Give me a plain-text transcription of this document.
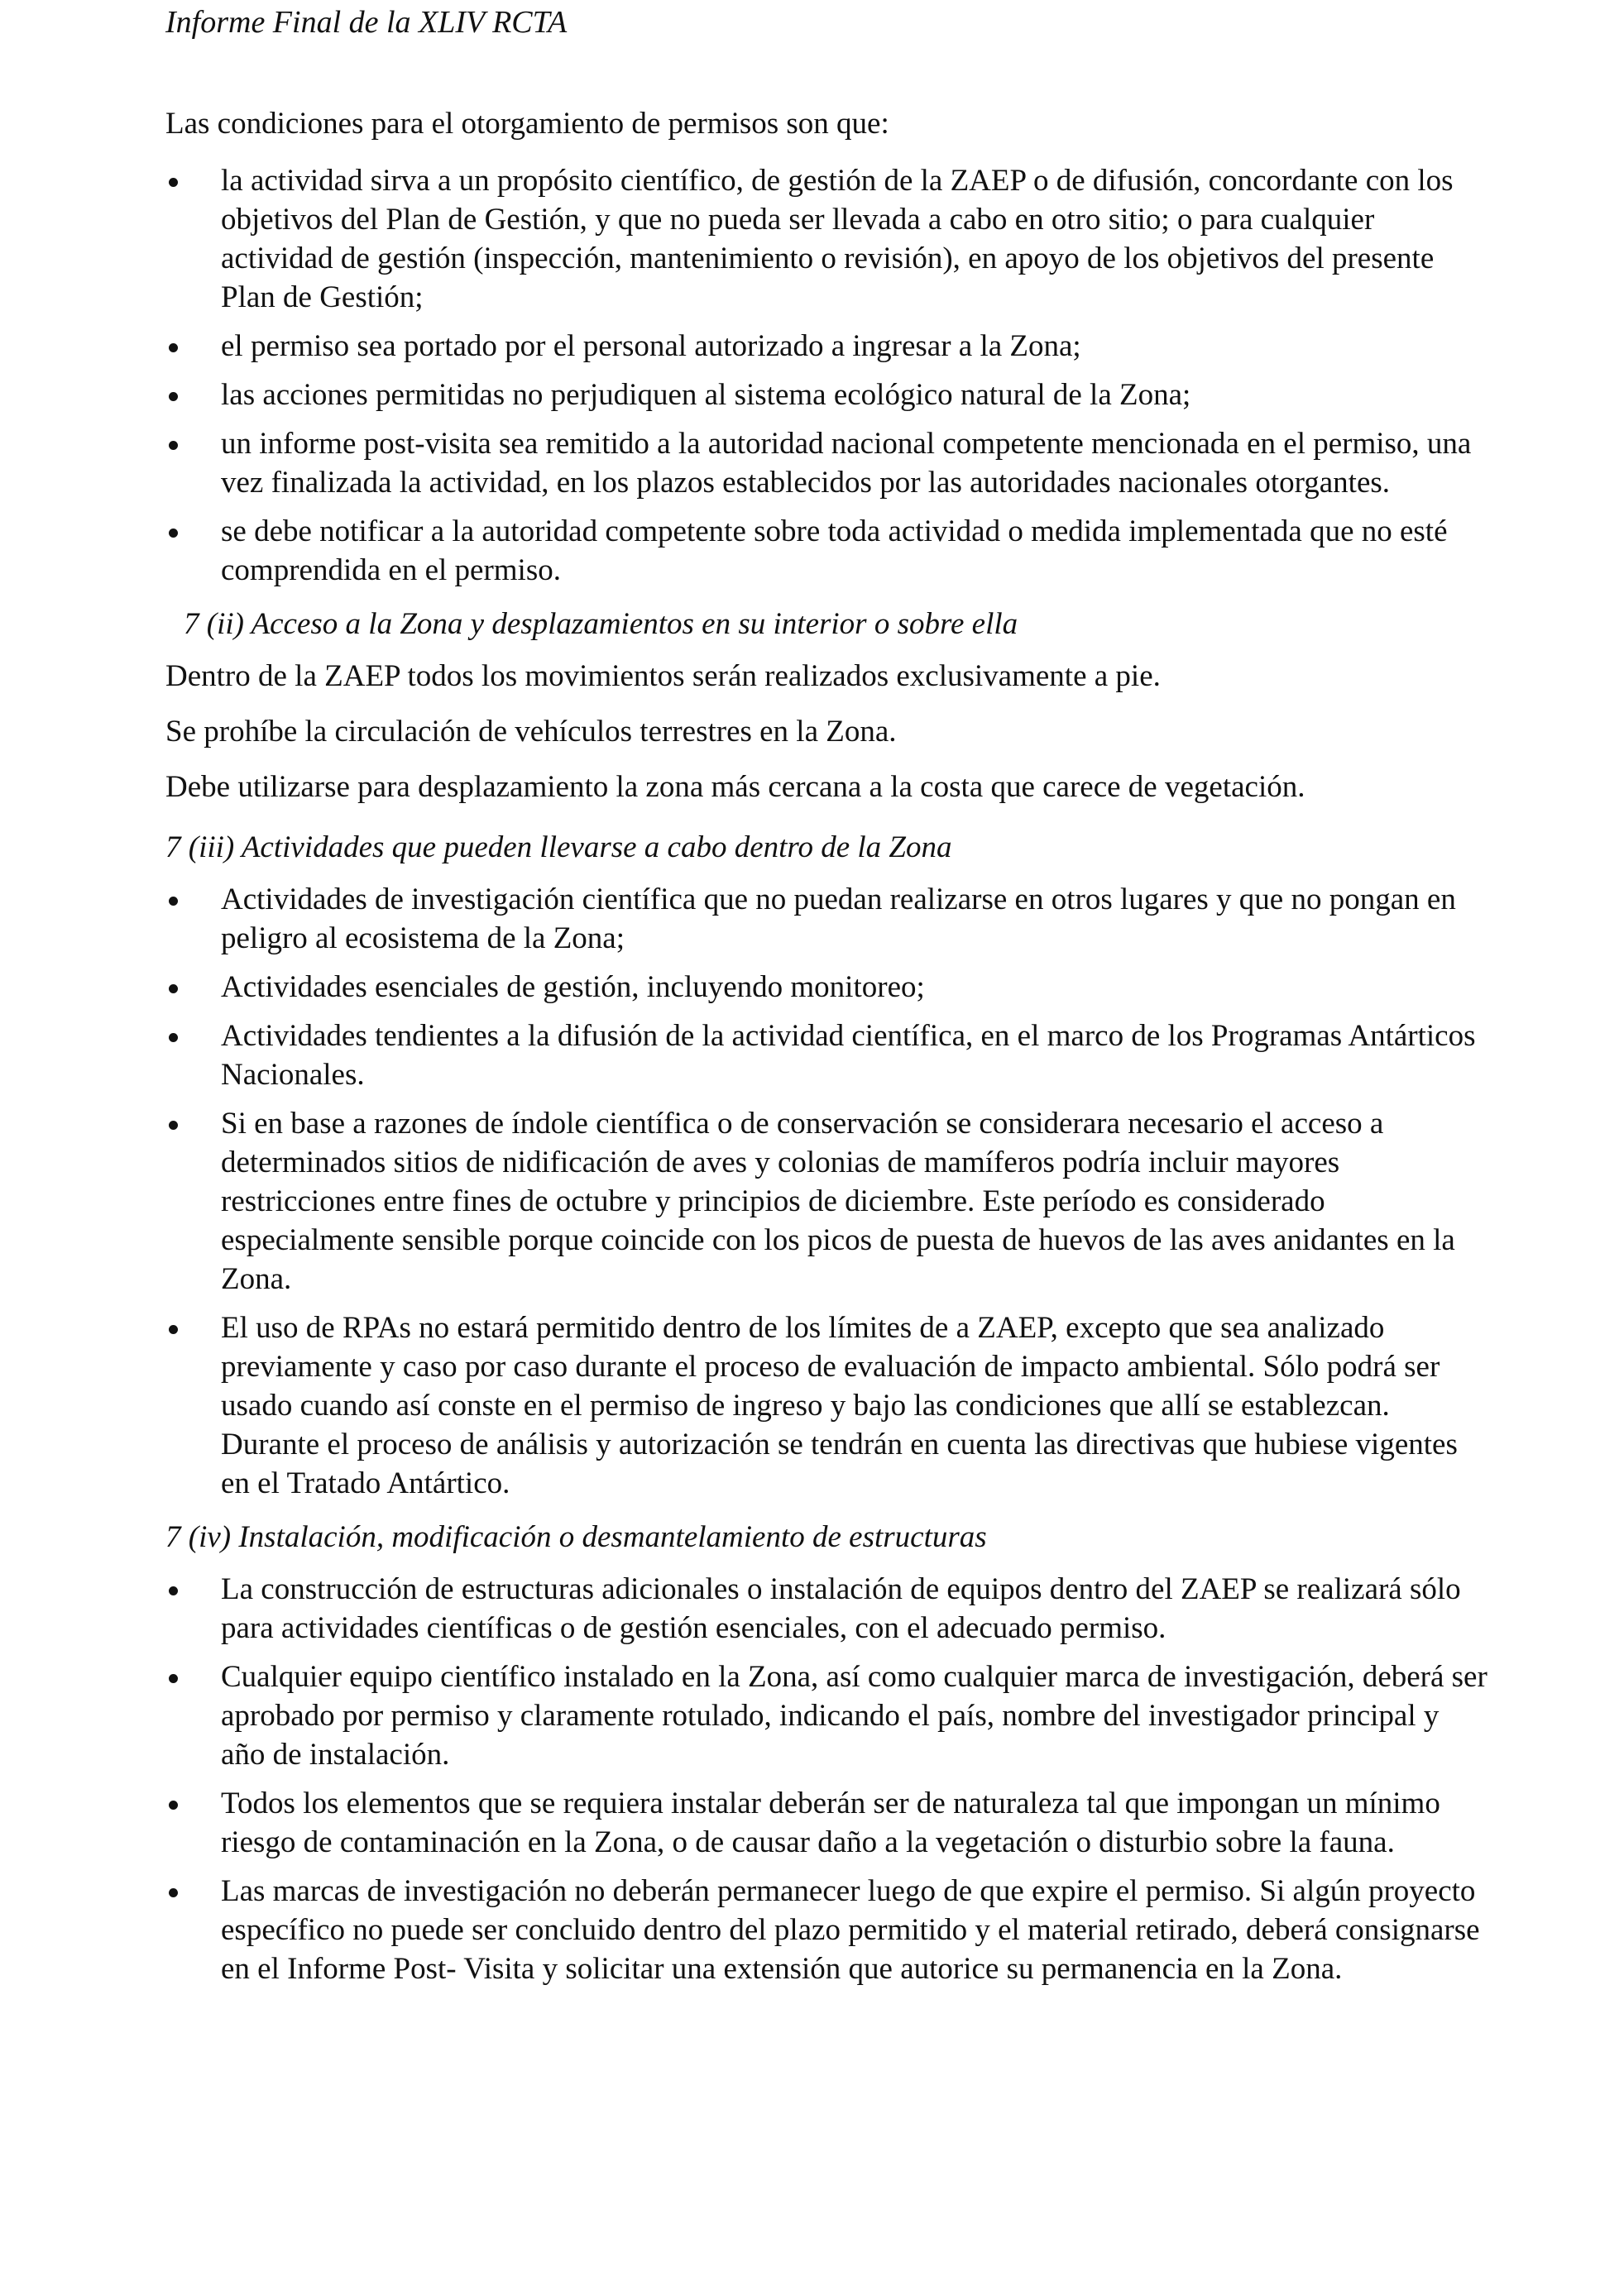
Informe Final de la XLIV RCTA

Las condiciones para el otorgamiento de permisos son que:

la actividad sirva a un propósito científico, de gestión de la ZAEP o de difusión, concordante con los objetivos del Plan de Gestión, y que no pueda ser llevada a cabo en otro sitio; o para cualquier actividad de gestión (inspección, mantenimiento o revisión), en apoyo de los objetivos del presente Plan de Gestión;
el permiso sea portado por el personal autorizado a ingresar a la Zona;
las acciones permitidas no perjudiquen al sistema ecológico natural de la Zona;
un informe post-visita sea remitido a la autoridad nacional competente mencionada en el permiso, una vez finalizada la actividad, en los plazos establecidos por las autoridades nacionales otorgantes.
se debe notificar a la autoridad competente sobre toda actividad o medida implementada que no esté comprendida en el permiso.

7 (ii) Acceso a la Zona y desplazamientos en su interior o sobre ella

Dentro de la ZAEP todos los movimientos serán realizados exclusivamente a pie.

Se prohíbe la circulación de vehículos terrestres en la Zona.

Debe utilizarse para desplazamiento la zona más cercana a la costa que carece de vegetación.

7 (iii) Actividades que pueden llevarse a cabo dentro de la Zona

Actividades de investigación científica que no puedan realizarse en otros lugares y que no pongan en peligro al ecosistema de la Zona;
Actividades esenciales de gestión, incluyendo monitoreo;
Actividades tendientes a la difusión de la actividad científica, en el marco de los Programas Antárticos Nacionales.
Si en base a razones de índole científica o de conservación se considerara necesario el acceso a determinados sitios de nidificación de aves y colonias de mamíferos podría incluir mayores restricciones entre fines de octubre y principios de diciembre. Este período es considerado especialmente sensible porque coincide con los picos de puesta de huevos de las aves anidantes en la Zona.
El uso de RPAs no estará permitido dentro de los límites de a ZAEP, excepto que sea analizado previamente y caso por caso durante el proceso de evaluación de impacto ambiental. Sólo podrá ser usado cuando así conste en el permiso de ingreso y bajo las condiciones que allí se establezcan. Durante el proceso de análisis y autorización se tendrán en cuenta las directivas que hubiese vigentes en el Tratado Antártico.

7 (iv) Instalación, modificación o desmantelamiento de estructuras

La construcción de estructuras adicionales o instalación de equipos dentro del ZAEP se realizará sólo para actividades científicas o de gestión esenciales, con el adecuado permiso.
Cualquier equipo científico instalado en la Zona, así como cualquier marca de investigación, deberá ser aprobado por permiso y claramente rotulado, indicando el país, nombre del investigador principal y año de instalación.
Todos los elementos que se requiera instalar deberán ser de naturaleza tal que impongan un mínimo riesgo de contaminación en la Zona, o de causar daño a la vegetación o disturbio sobre la fauna.
Las marcas de investigación no deberán permanecer luego de que expire el permiso. Si algún proyecto específico no puede ser concluido dentro del plazo permitido y el material retirado, deberá consignarse en el Informe Post- Visita y solicitar una extensión que autorice su permanencia en la Zona.
